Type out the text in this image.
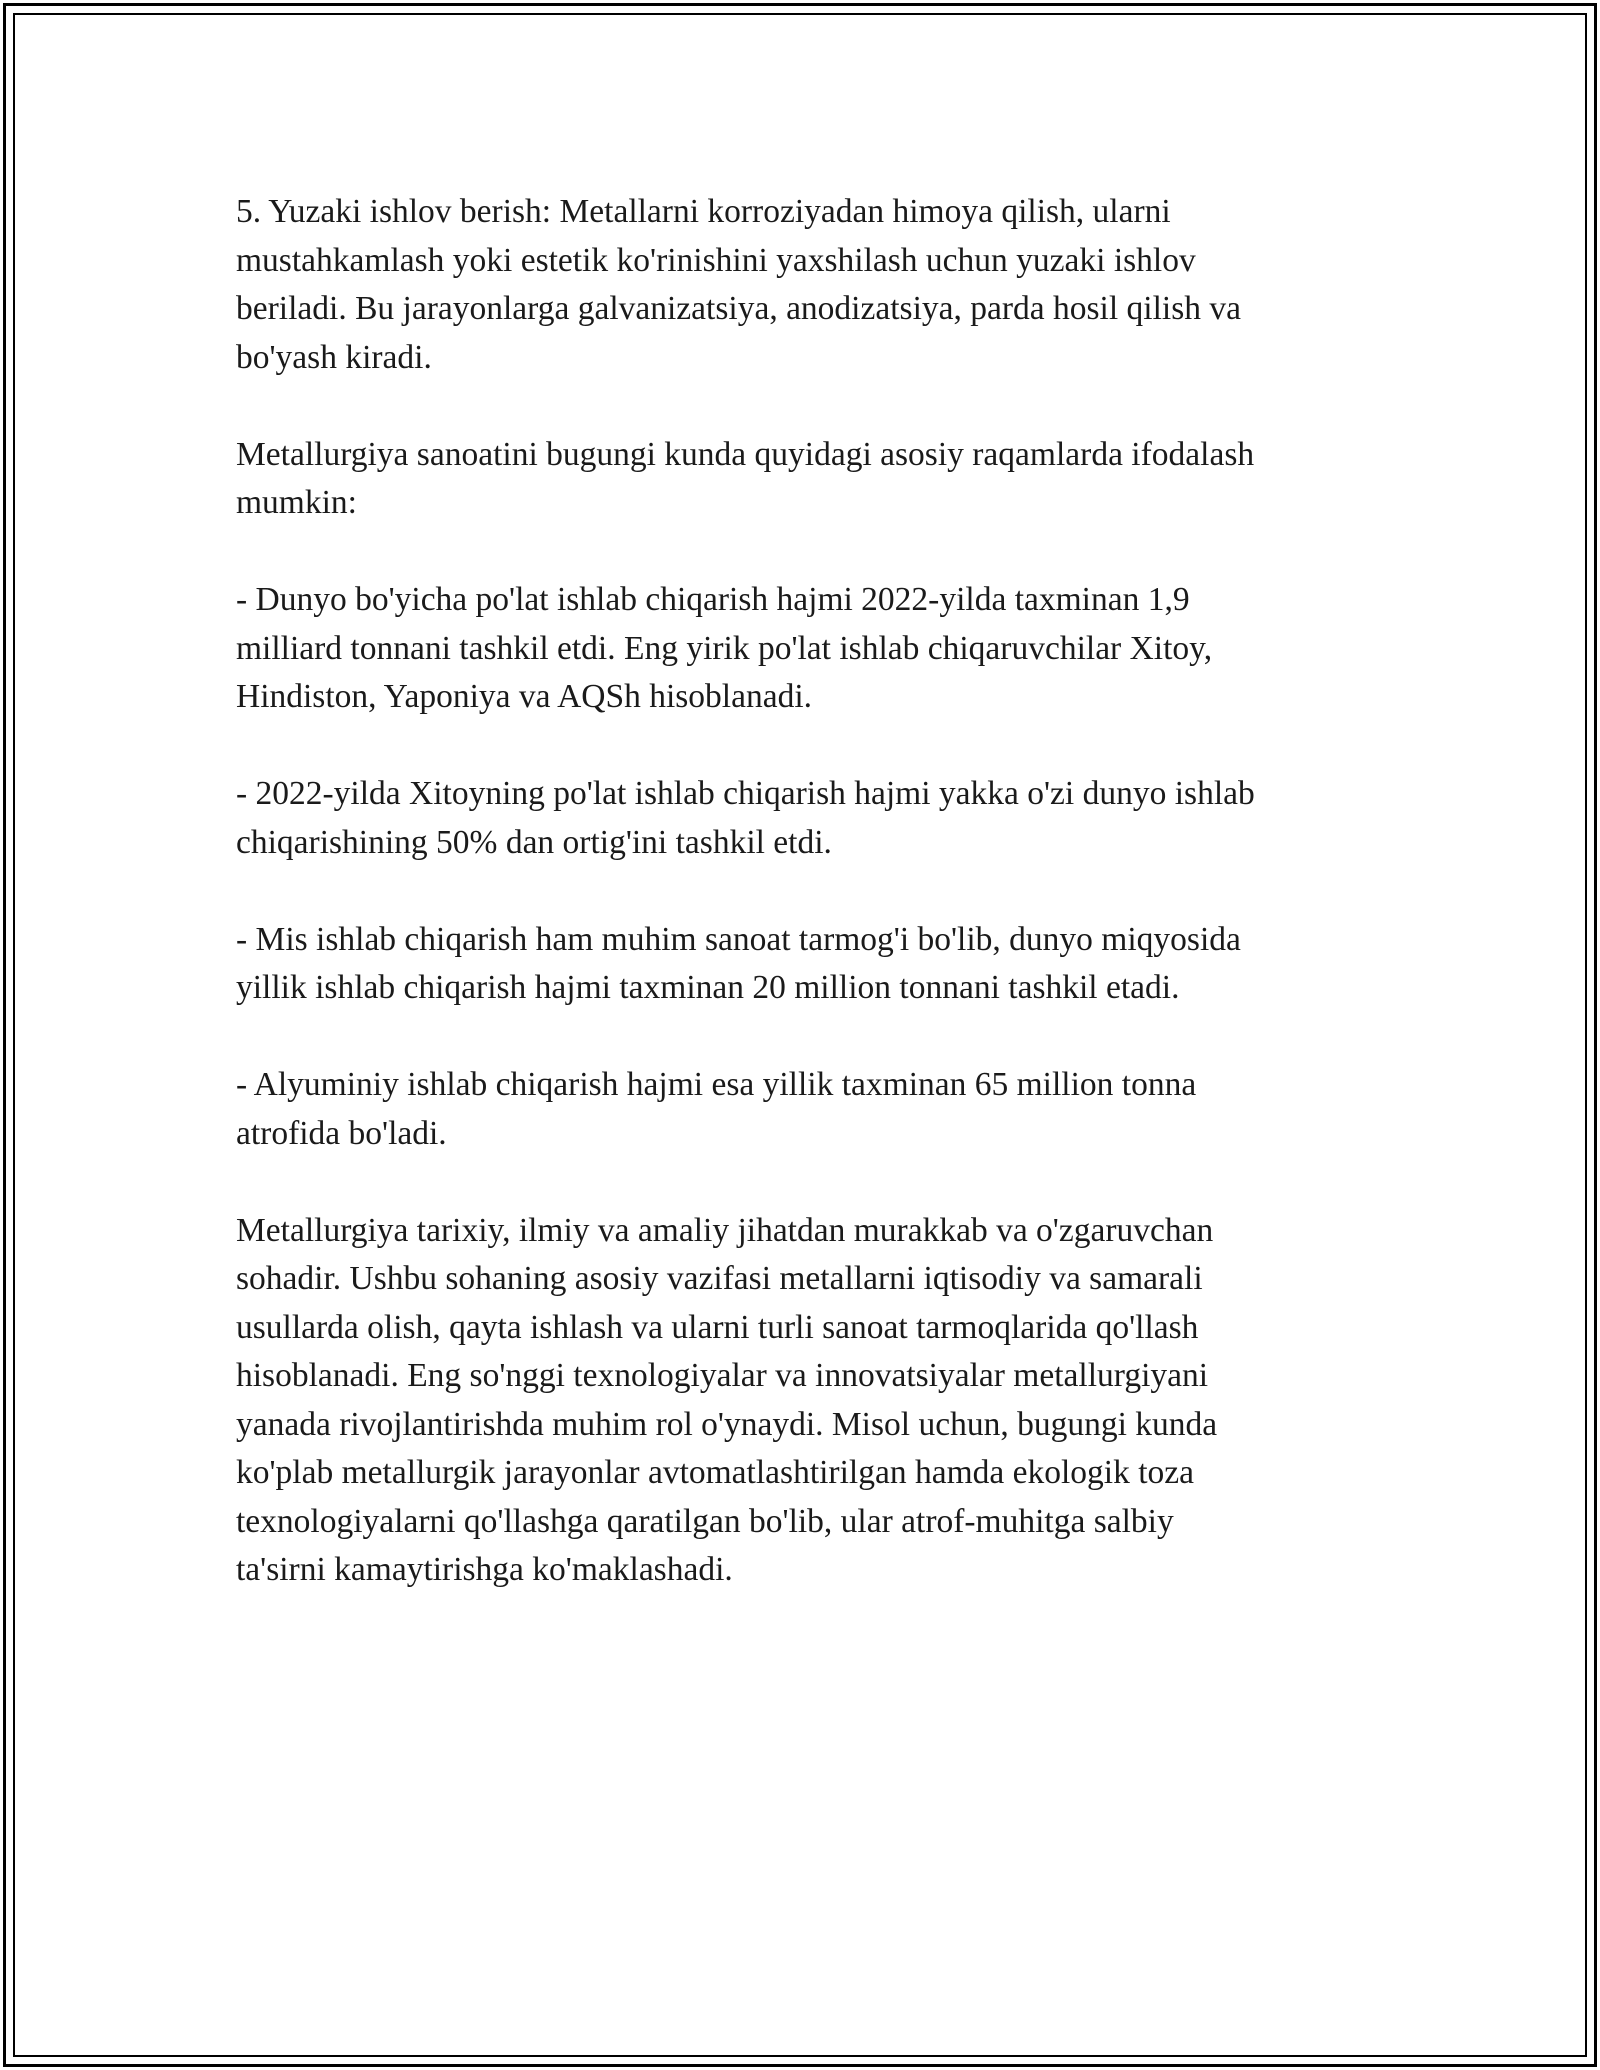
5. Yuzaki ishlov berish: Metallarni korroziyadan himoya qilish, ularni
mustahkamlash yoki estetik ko'rinishini yaxshilash uchun yuzaki ishlov
beriladi. Bu jarayonlarga galvanizatsiya, anodizatsiya, parda hosil qilish va
bo'yash kiradi.

Metallurgiya sanoatini bugungi kunda quyidagi asosiy raqamlarda ifodalash
mumkin:

- Dunyo bo'yicha po'lat ishlab chiqarish hajmi 2022-yilda taxminan 1,9
milliard tonnani tashkil etdi. Eng yirik po'lat ishlab chiqaruvchilar Xitoy,
Hindiston, Yaponiya va AQSh hisoblanadi.

- 2022-yilda Xitoyning po'lat ishlab chiqarish hajmi yakka o'zi dunyo ishlab
chiqarishining 50% dan ortig'ini tashkil etdi.

- Mis ishlab chiqarish ham muhim sanoat tarmog'i bo'lib, dunyo miqyosida
yillik ishlab chiqarish hajmi taxminan 20 million tonnani tashkil etadi.

- Alyuminiy ishlab chiqarish hajmi esa yillik taxminan 65 million tonna
atrofida bo'ladi.

Metallurgiya tarixiy, ilmiy va amaliy jihatdan murakkab va o'zgaruvchan
sohadir. Ushbu sohaning asosiy vazifasi metallarni iqtisodiy va samarali
usullarda olish, qayta ishlash va ularni turli sanoat tarmoqlarida qo'llash
hisoblanadi. Eng so'nggi texnologiyalar va innovatsiyalar metallurgiyani
yanada rivojlantirishda muhim rol o'ynaydi. Misol uchun, bugungi kunda
ko'plab metallurgik jarayonlar avtomatlashtirilgan hamda ekologik toza
texnologiyalarni qo'llashga qaratilgan bo'lib, ular atrof-muhitga salbiy
ta'sirni kamaytirishga ko'maklashadi.
